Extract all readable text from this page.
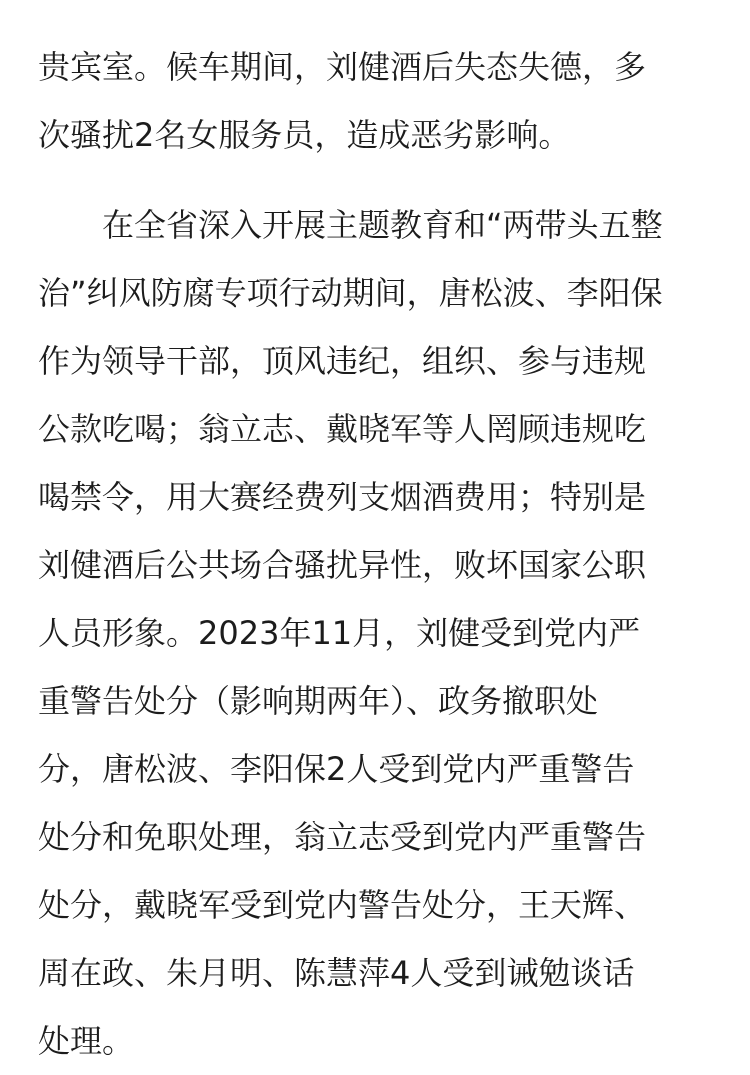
贵宾室。候车期间，刘健酒后失态失德，多
次骚扰2名女服务员，造成恶劣影响。
在全省深入开展主题教育和“两带头五整
治”纠风防腐专项行动期间，唐松波、李阳保
作为领导干部，顶风违纪，组织、参与违规
公款吃喝；翁立志、戴晓军等人罔顾违规吃
喝禁令，用大赛经费列支烟酒费用；特别是
刘健酒后公共场合骚扰异性，败坏国家公职
人员形象。2023年11月，刘健受到党内严
重警告处分（影响期两年）、政务撤职处
分，唐松波、李阳保2人受到党内严重警告
处分和免职处理，翁立志受到党内严重警告
处分，戴晓军受到党内警告处分，王天辉、
周在政、朱月明、陈慧萍4人受到诫勉谈话
处理。
